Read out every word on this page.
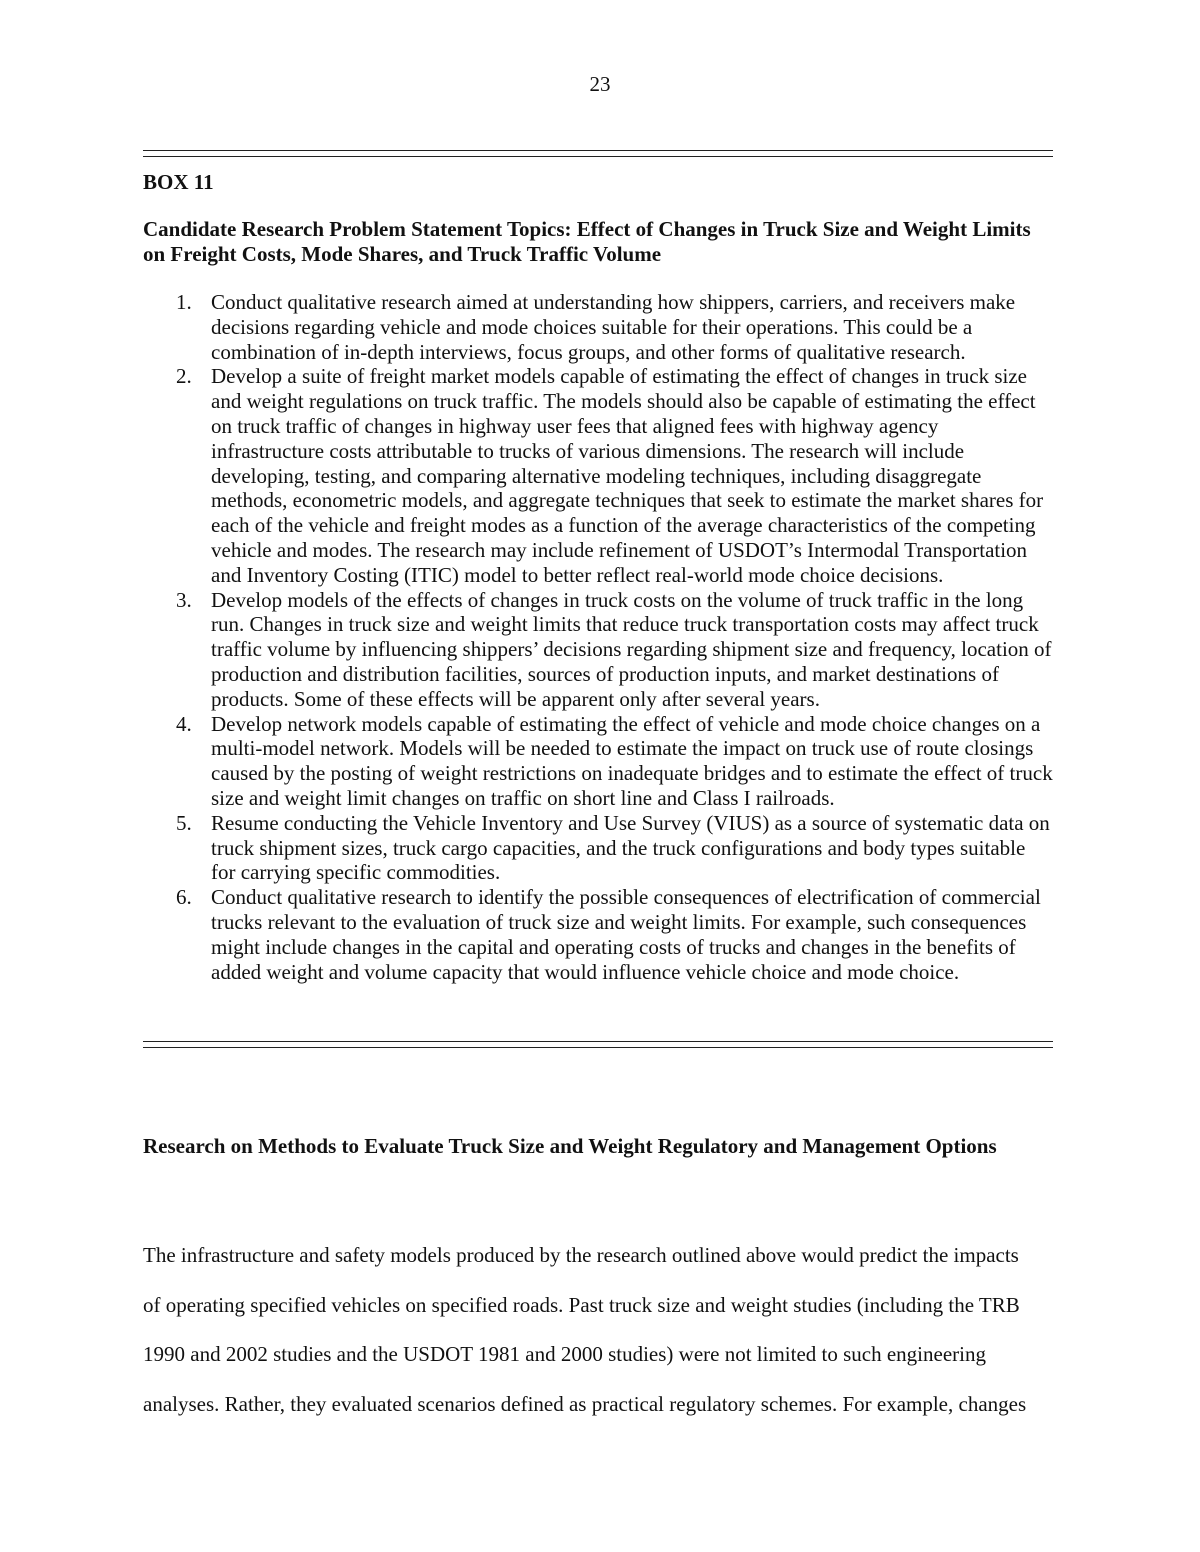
23
BOX 11
Candidate Research Problem Statement Topics: Effect of Changes in Truck Size and Weight Limits on Freight Costs, Mode Shares, and Truck Traffic Volume
1. Conduct qualitative research aimed at understanding how shippers, carriers, and receivers make decisions regarding vehicle and mode choices suitable for their operations. This could be a combination of in-depth interviews, focus groups, and other forms of qualitative research.
2. Develop a suite of freight market models capable of estimating the effect of changes in truck size and weight regulations on truck traffic. The models should also be capable of estimating the effect on truck traffic of changes in highway user fees that aligned fees with highway agency infrastructure costs attributable to trucks of various dimensions. The research will include developing, testing, and comparing alternative modeling techniques, including disaggregate methods, econometric models, and aggregate techniques that seek to estimate the market shares for each of the vehicle and freight modes as a function of the average characteristics of the competing vehicle and modes. The research may include refinement of USDOT’s Intermodal Transportation and Inventory Costing (ITIC) model to better reflect real-world mode choice decisions.
3. Develop models of the effects of changes in truck costs on the volume of truck traffic in the long run. Changes in truck size and weight limits that reduce truck transportation costs may affect truck traffic volume by influencing shippers’ decisions regarding shipment size and frequency, location of production and distribution facilities, sources of production inputs, and market destinations of products. Some of these effects will be apparent only after several years.
4. Develop network models capable of estimating the effect of vehicle and mode choice changes on a multi-model network. Models will be needed to estimate the impact on truck use of route closings caused by the posting of weight restrictions on inadequate bridges and to estimate the effect of truck size and weight limit changes on traffic on short line and Class I railroads.
5. Resume conducting the Vehicle Inventory and Use Survey (VIUS) as a source of systematic data on truck shipment sizes, truck cargo capacities, and the truck configurations and body types suitable for carrying specific commodities.
6. Conduct qualitative research to identify the possible consequences of electrification of commercial trucks relevant to the evaluation of truck size and weight limits. For example, such consequences might include changes in the capital and operating costs of trucks and changes in the benefits of added weight and volume capacity that would influence vehicle choice and mode choice.
Research on Methods to Evaluate Truck Size and Weight Regulatory and Management Options

The infrastructure and safety models produced by the research outlined above would predict the impacts
of operating specified vehicles on specified roads. Past truck size and weight studies (including the TRB
1990 and 2002 studies and the USDOT 1981 and 2000 studies) were not limited to such engineering
analyses. Rather, they evaluated scenarios defined as practical regulatory schemes. For example, changes
